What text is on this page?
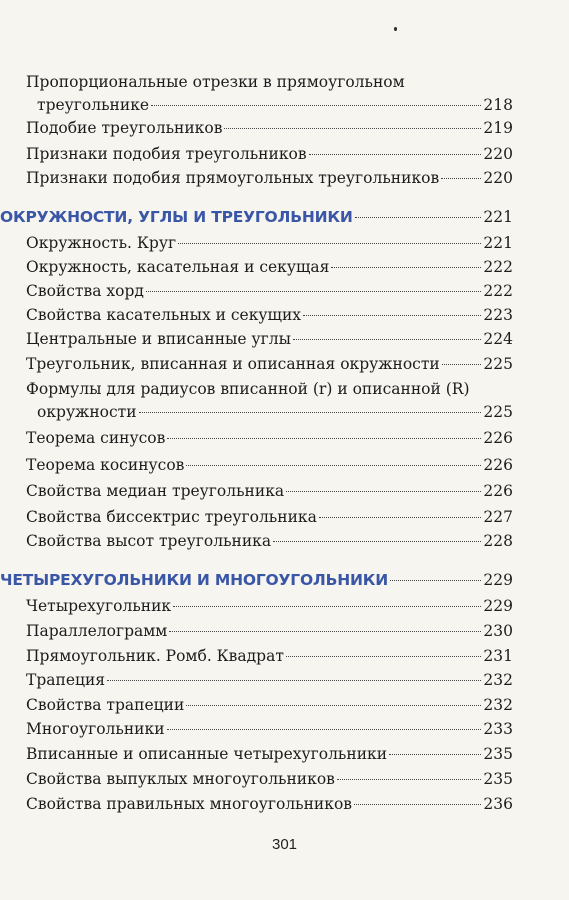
Пропорциональные отрезки в прямоугольном
треугольнике	218
Подобие треугольников	219
Признаки подобия треугольников	220
Признаки подобия прямоугольных треугольников	220
ОКРУЖНОСТИ, УГЛЫ И ТРЕУГОЛЬНИКИ	221
Окружность. Круг	221
Окружность, касательная и секущая	222
Свойства хорд	222
Свойства касательных и секущих	223
Центральные и вписанные углы	224
Треугольник, вписанная и описанная окружности	225
Формулы для радиусов вписанной (r) и описанной (R)
окружности	225
Теорема синусов	226
Теорема косинусов	226
Свойства медиан треугольника	226
Свойства биссектрис треугольника	227
Свойства высот треугольника	228
ЧЕТЫРЕХУГОЛЬНИКИ И МНОГОУГОЛЬНИКИ	229
Четырехугольник	229
Параллелограмм	230
Прямоугольник. Ромб. Квадрат	231
Трапеция	232
Свойства трапеции	232
Многоугольники	233
Вписанные и описанные четырехугольники	235
Свойства выпуклых многоугольников	235
Свойства правильных многоугольников	236
301
